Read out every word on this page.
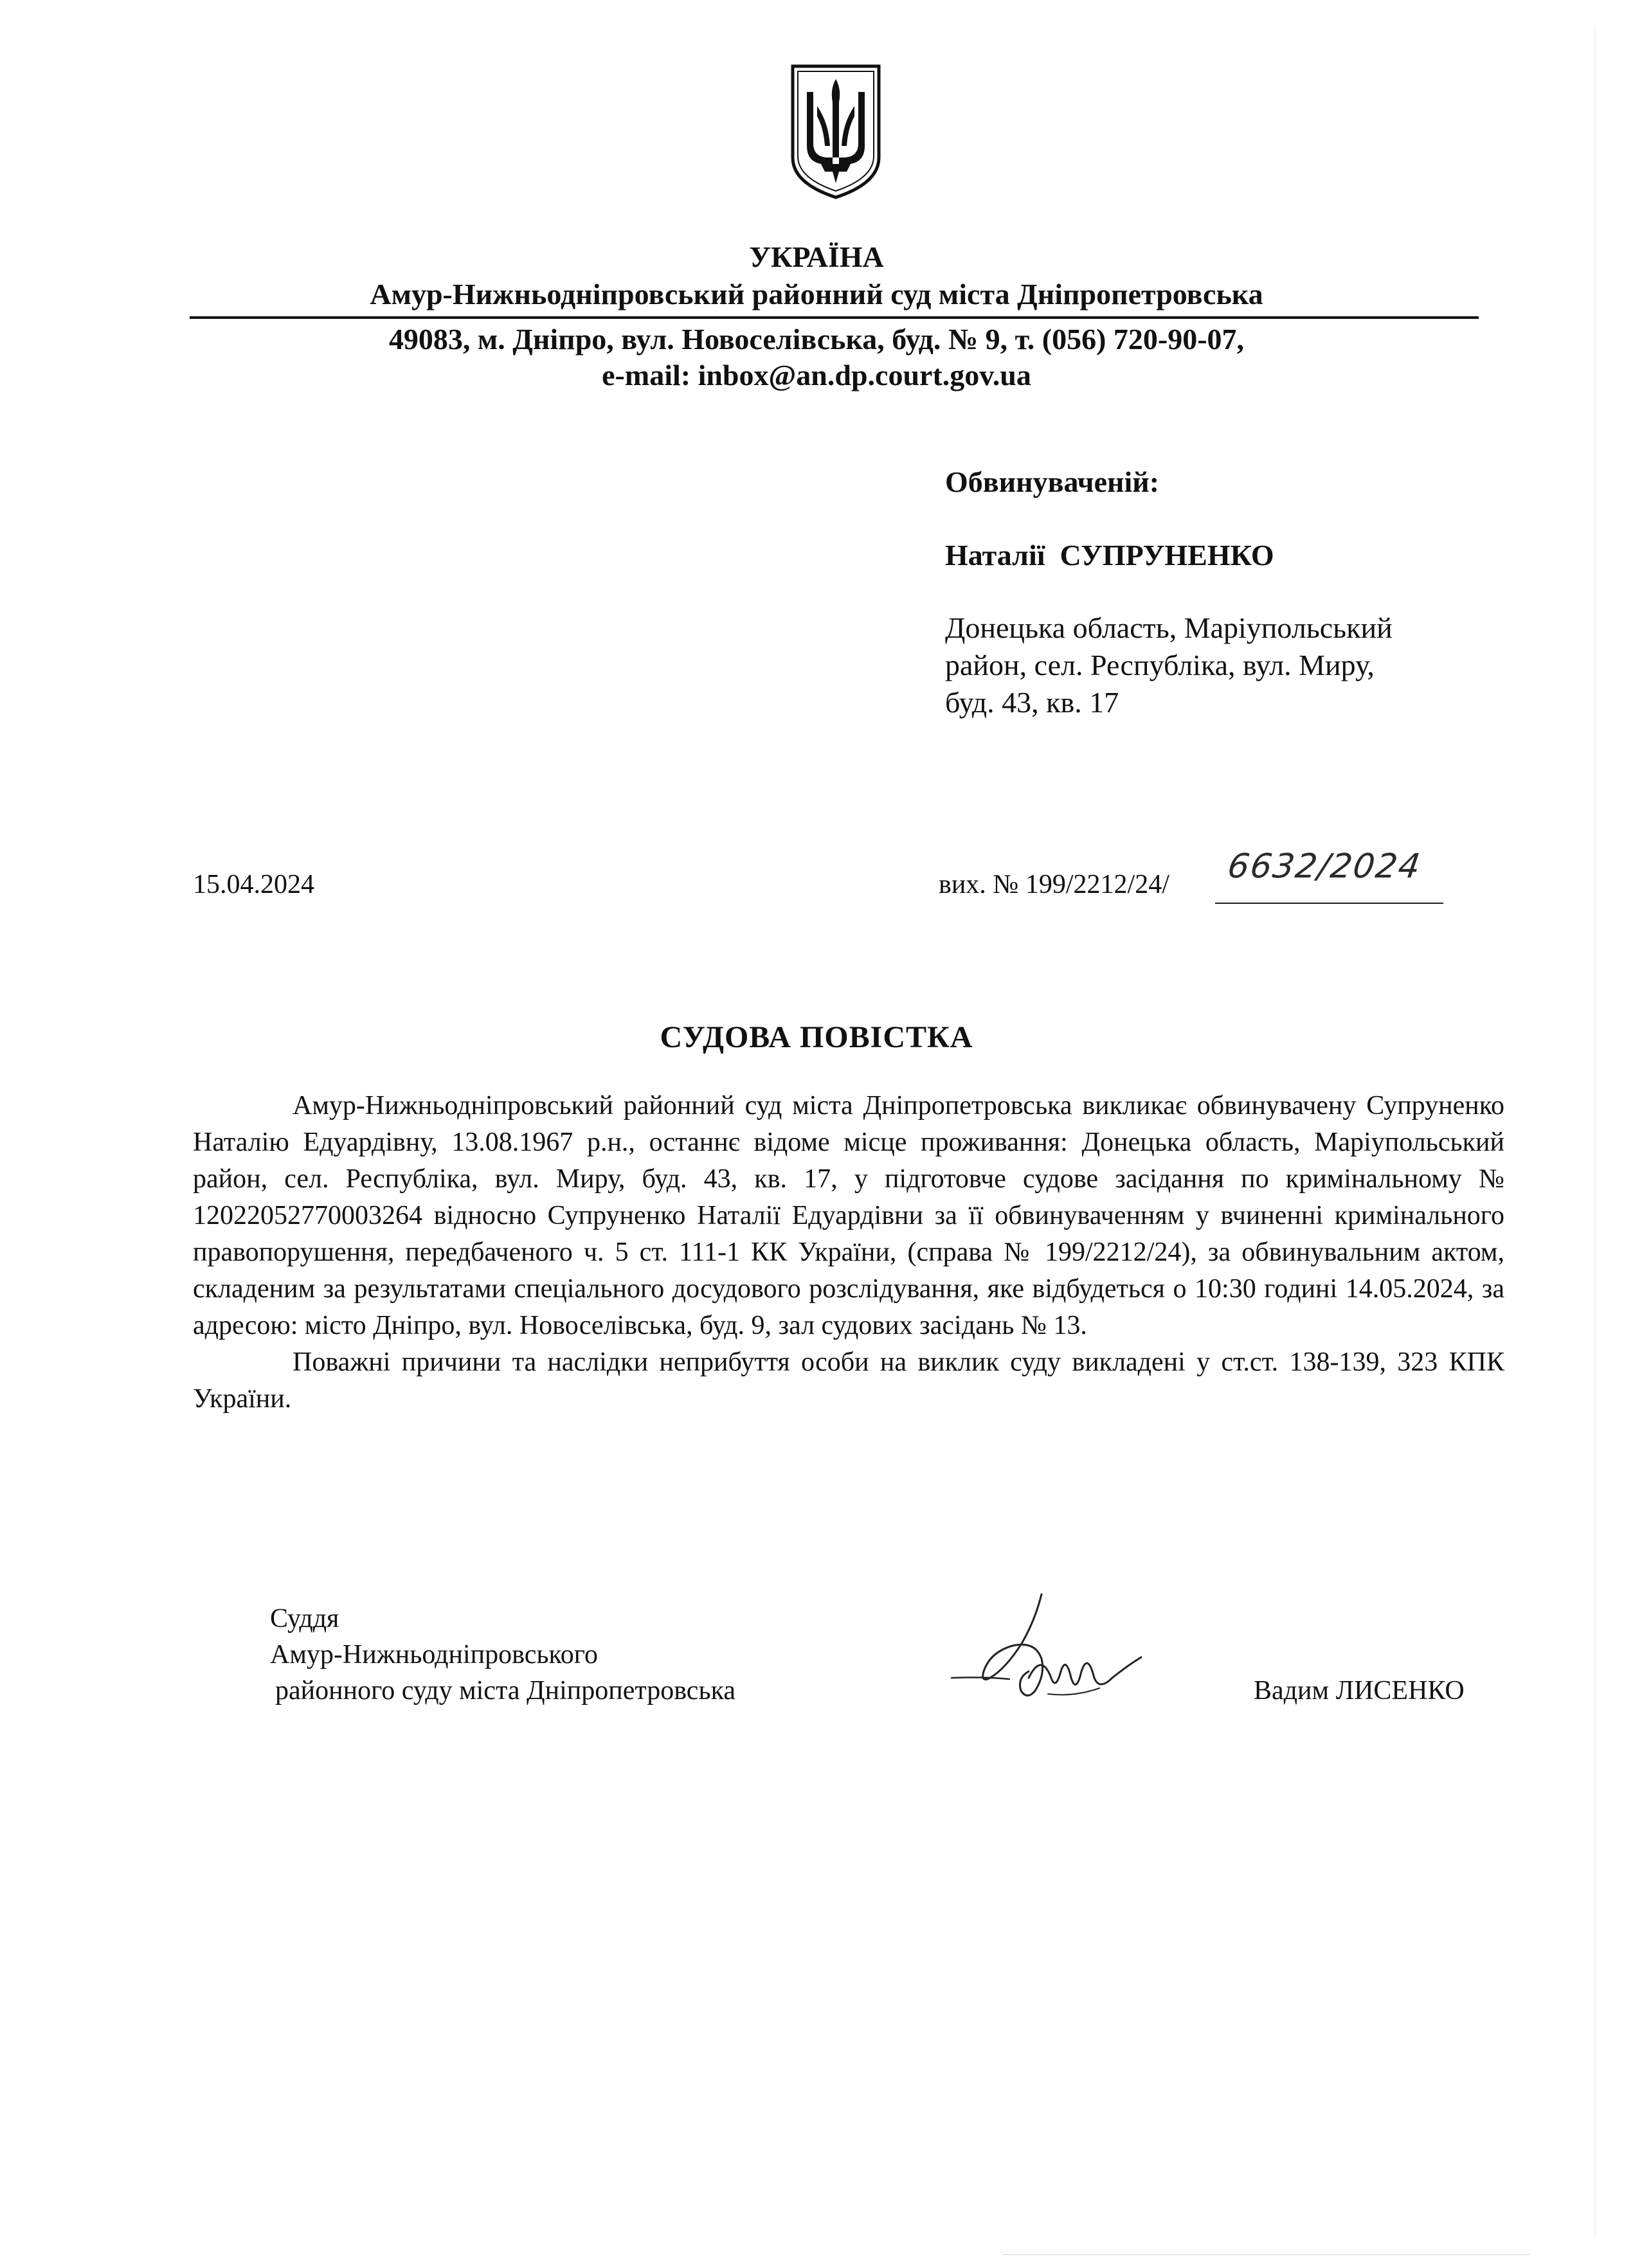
УКРАЇНА
Амур-Нижньодніпровський районний суд міста Дніпропетровська
49083, м. Дніпро, вул. Новоселівська, буд. № 9, т. (056) 720-90-07,
e-mail: inbox@an.dp.court.gov.ua
Обвинуваченій:
Наталії  СУПРУНЕНКО
Донецька область, Маріупольський
район, сел. Республіка, вул. Миру,
буд. 43, кв. 17
15.04.2024	вих. № 199/2212/24/ 6632/2024
СУДОВА ПОВІСТКА

Амур-Нижньодніпровський районний суд міста Дніпропетровська викликає обвинувачену Супруненко Наталію Едуардівну, 13.08.1967 р.н., останнє відоме місце проживання: Донецька область, Маріупольський район, сел. Республіка, вул. Миру, буд. 43, кв. 17, у підготовче судове засідання по кримінальному № 12022052770003264 відносно Супруненко Наталії Едуардівни за її обвинуваченням у вчиненні кримінального правопорушення, передбаченого ч. 5 ст. 111-1 КК України, (справа № 199/2212/24), за обвинувальним актом, складеним за результатами спеціального досудового розслідування, яке відбудеться о 10:30 годині 14.05.2024, за адресою: місто Дніпро, вул. Новоселівська, буд. 9, зал судових засідань № 13.

Поважні причини та наслідки неприбуття особи на виклик суду викладені у ст.ст. 138-139, 323 КПК України.

Суддя
Амур-Нижньодніпровського
районного суду міста Дніпропетровська	Вадим ЛИСЕНКО
